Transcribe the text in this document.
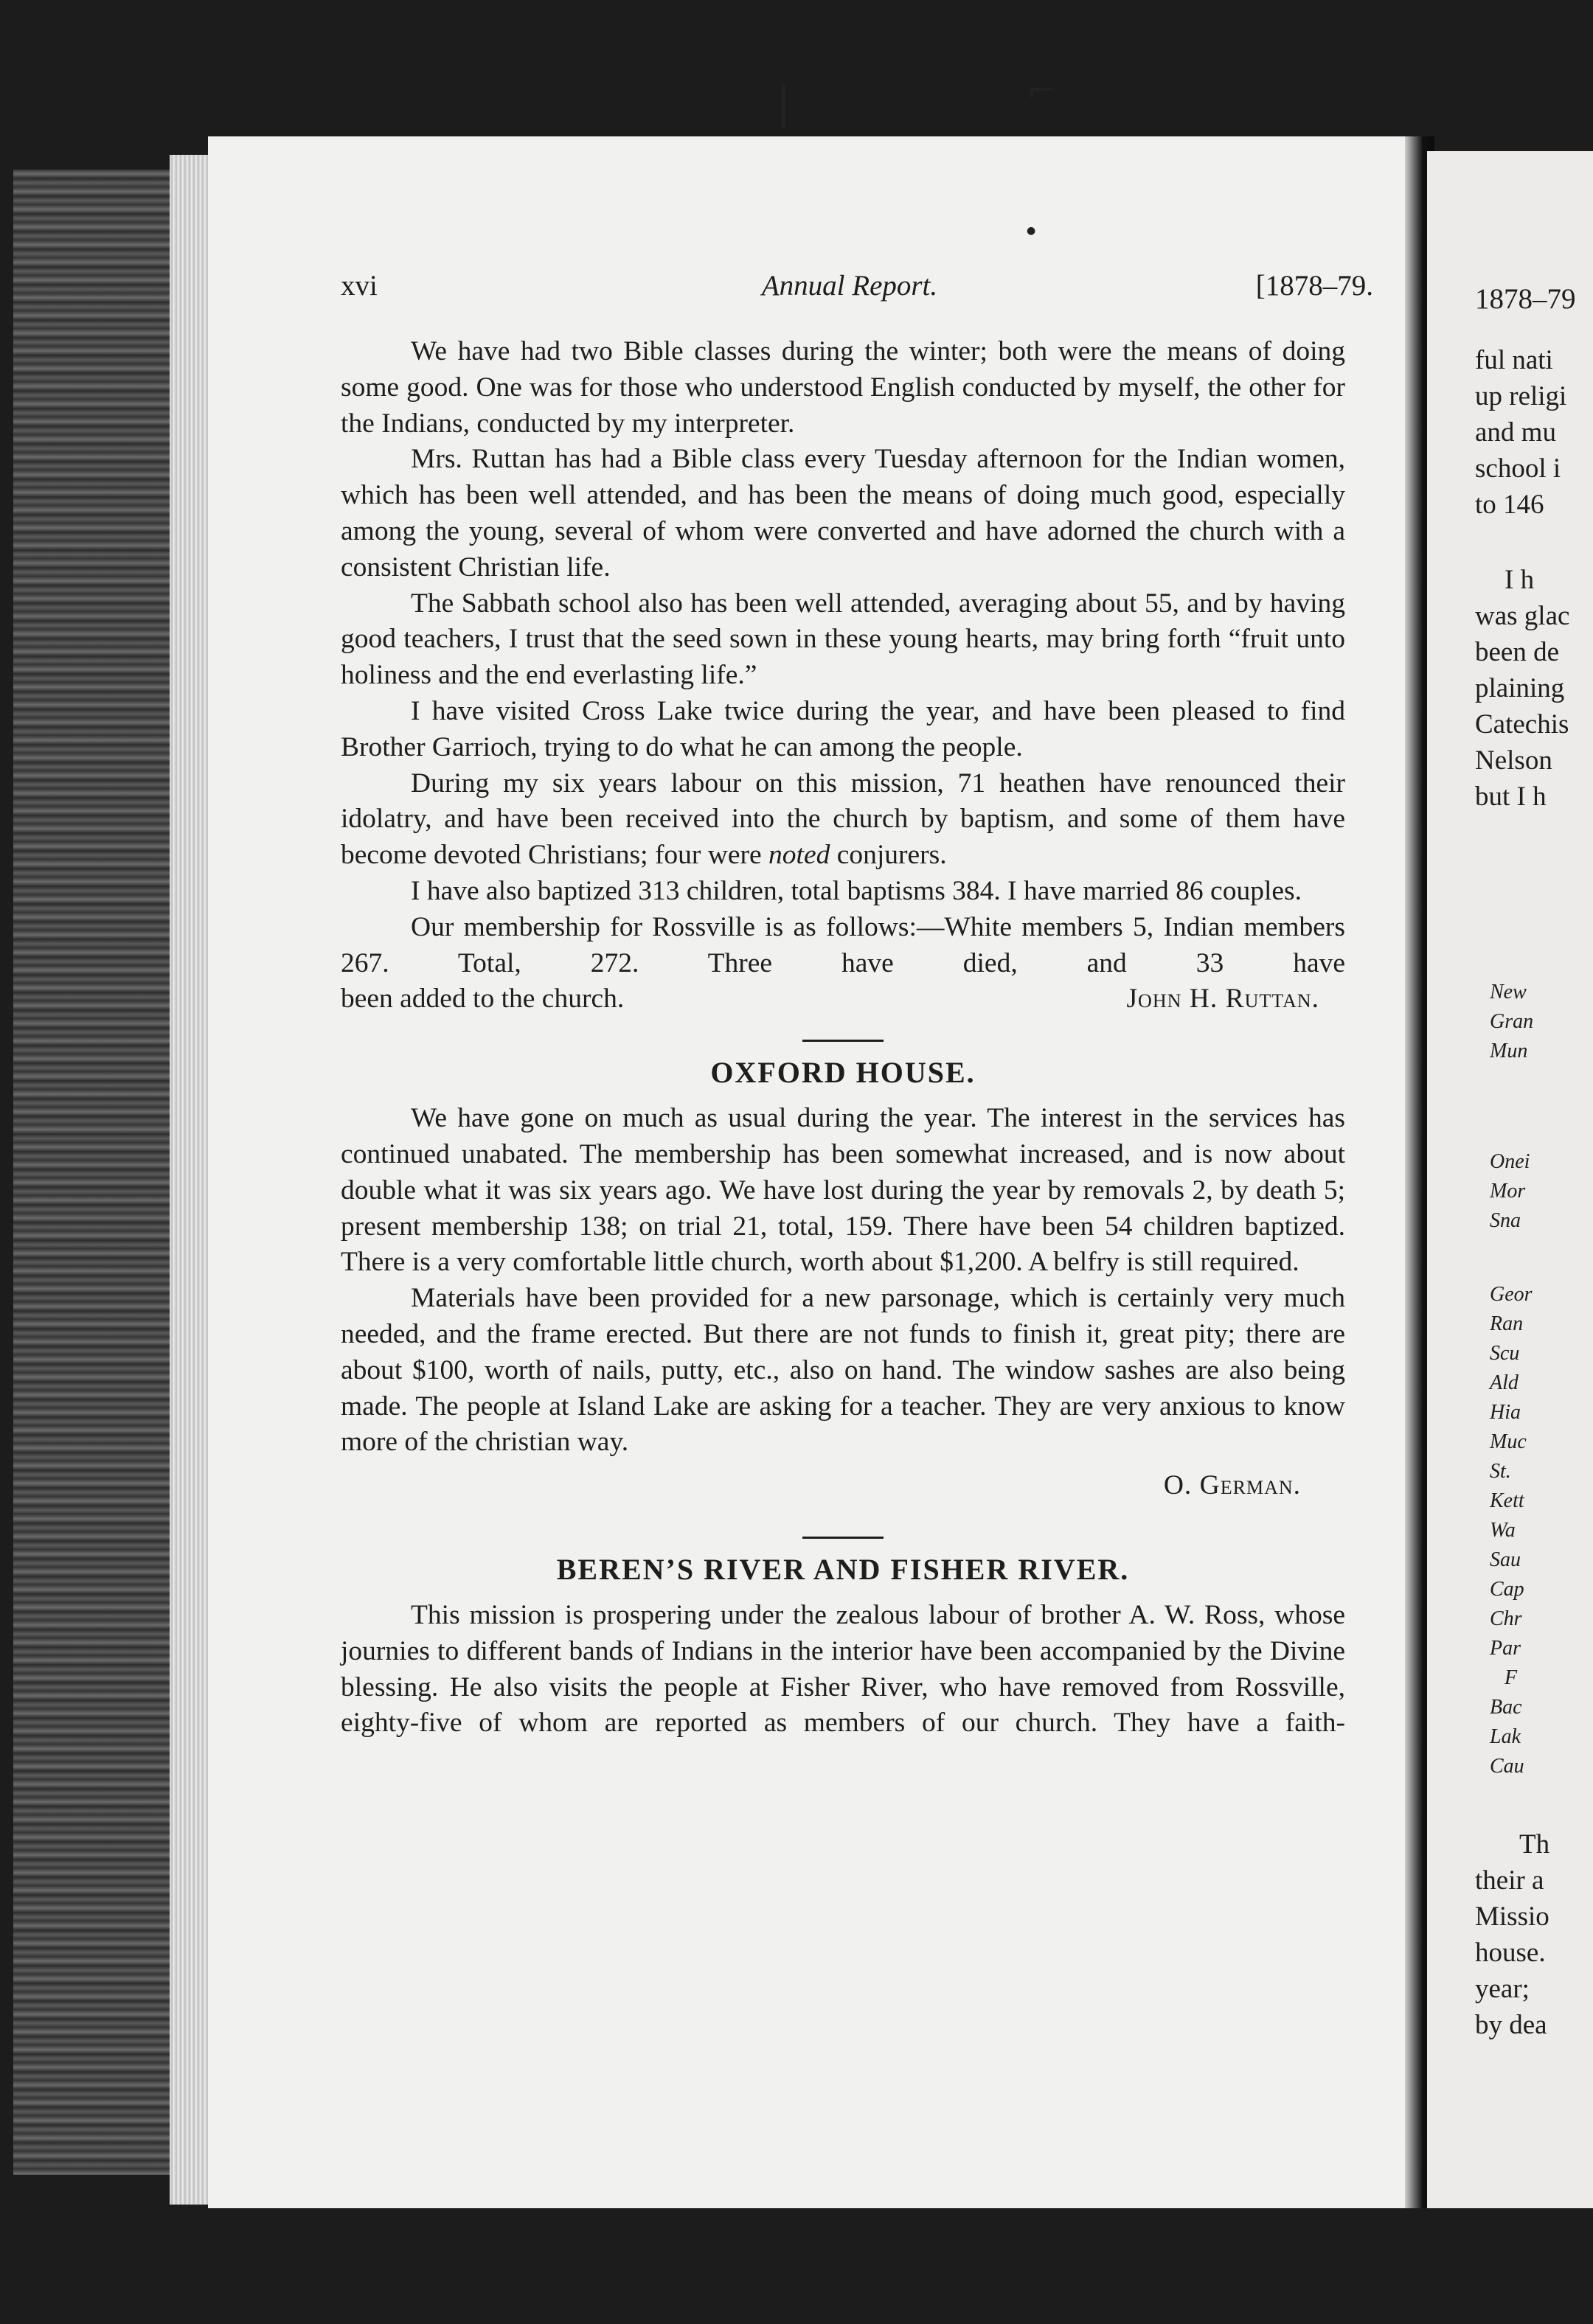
|	⌐
●
xvi	Annual Report.	[1878–79.

We have had two Bible classes during the winter; both were the means of doing some good. One was for those who understood English conducted by myself, the other for the Indians, conducted by my interpreter.

Mrs. Ruttan has had a Bible class every Tuesday afternoon for the Indian women, which has been well attended, and has been the means of doing much good, especially among the young, several of whom were converted and have adorned the church with a consistent Christian life.

The Sabbath school also has been well attended, averaging about 55, and by having good teachers, I trust that the seed sown in these young hearts, may bring forth “fruit unto holiness and the end everlasting life.”

I have visited Cross Lake twice during the year, and have been pleased to find Brother Garrioch, trying to do what he can among the people.

During my six years labour on this mission, 71 heathen have renounced their idolatry, and have been received into the church by baptism, and some of them have become devoted Christians; four were noted conjurers.

I have also baptized 313 children, total baptisms 384. I have married 86 couples.

Our membership for Rossville is as follows:—White members 5, Indian members 267. Total, 272. Three have died, and 33 have

been added to the church.	John H. Ruttan.
OXFORD HOUSE.

We have gone on much as usual during the year. The interest in the services has continued unabated. The membership has been somewhat increased, and is now about double what it was six years ago. We have lost during the year by removals 2, by death 5; present membership 138; on trial 21, total, 159. There have been 54 children baptized. There is a very comfortable little church, worth about $1,200. A belfry is still required.

Materials have been provided for a new parsonage, which is certainly very much needed, and the frame erected. But there are not funds to finish it, great pity; there are about $100, worth of nails, putty, etc., also on hand. The window sashes are also being made. The people at Island Lake are asking for a teacher. They are very anxious to know more of the christian way.

O. German.

BEREN’S RIVER AND FISHER RIVER.

This mission is prospering under the zealous labour of brother A. W. Ross, whose journies to different bands of Indians in the interior have been accompanied by the Divine blessing. He also visits the people at Fisher River, who have removed from Rossville, eighty-five of whom are reported as members of our church. They have a faith-

1878–79
ful nati
up religi
and mu
school i
to 146
I h
was glac
been de
plaining
Catechis
Nelson
but I h
New
Gran
Mun
Onei
Mor
Sna
Geor
Ran
Scu
Ald
Hia
Muc
St.
Kett
Wa
Sau
Cap
Chr
Par
F
Bac
Lak
Cau
Th
their a
Missio
house.
year;
by dea
